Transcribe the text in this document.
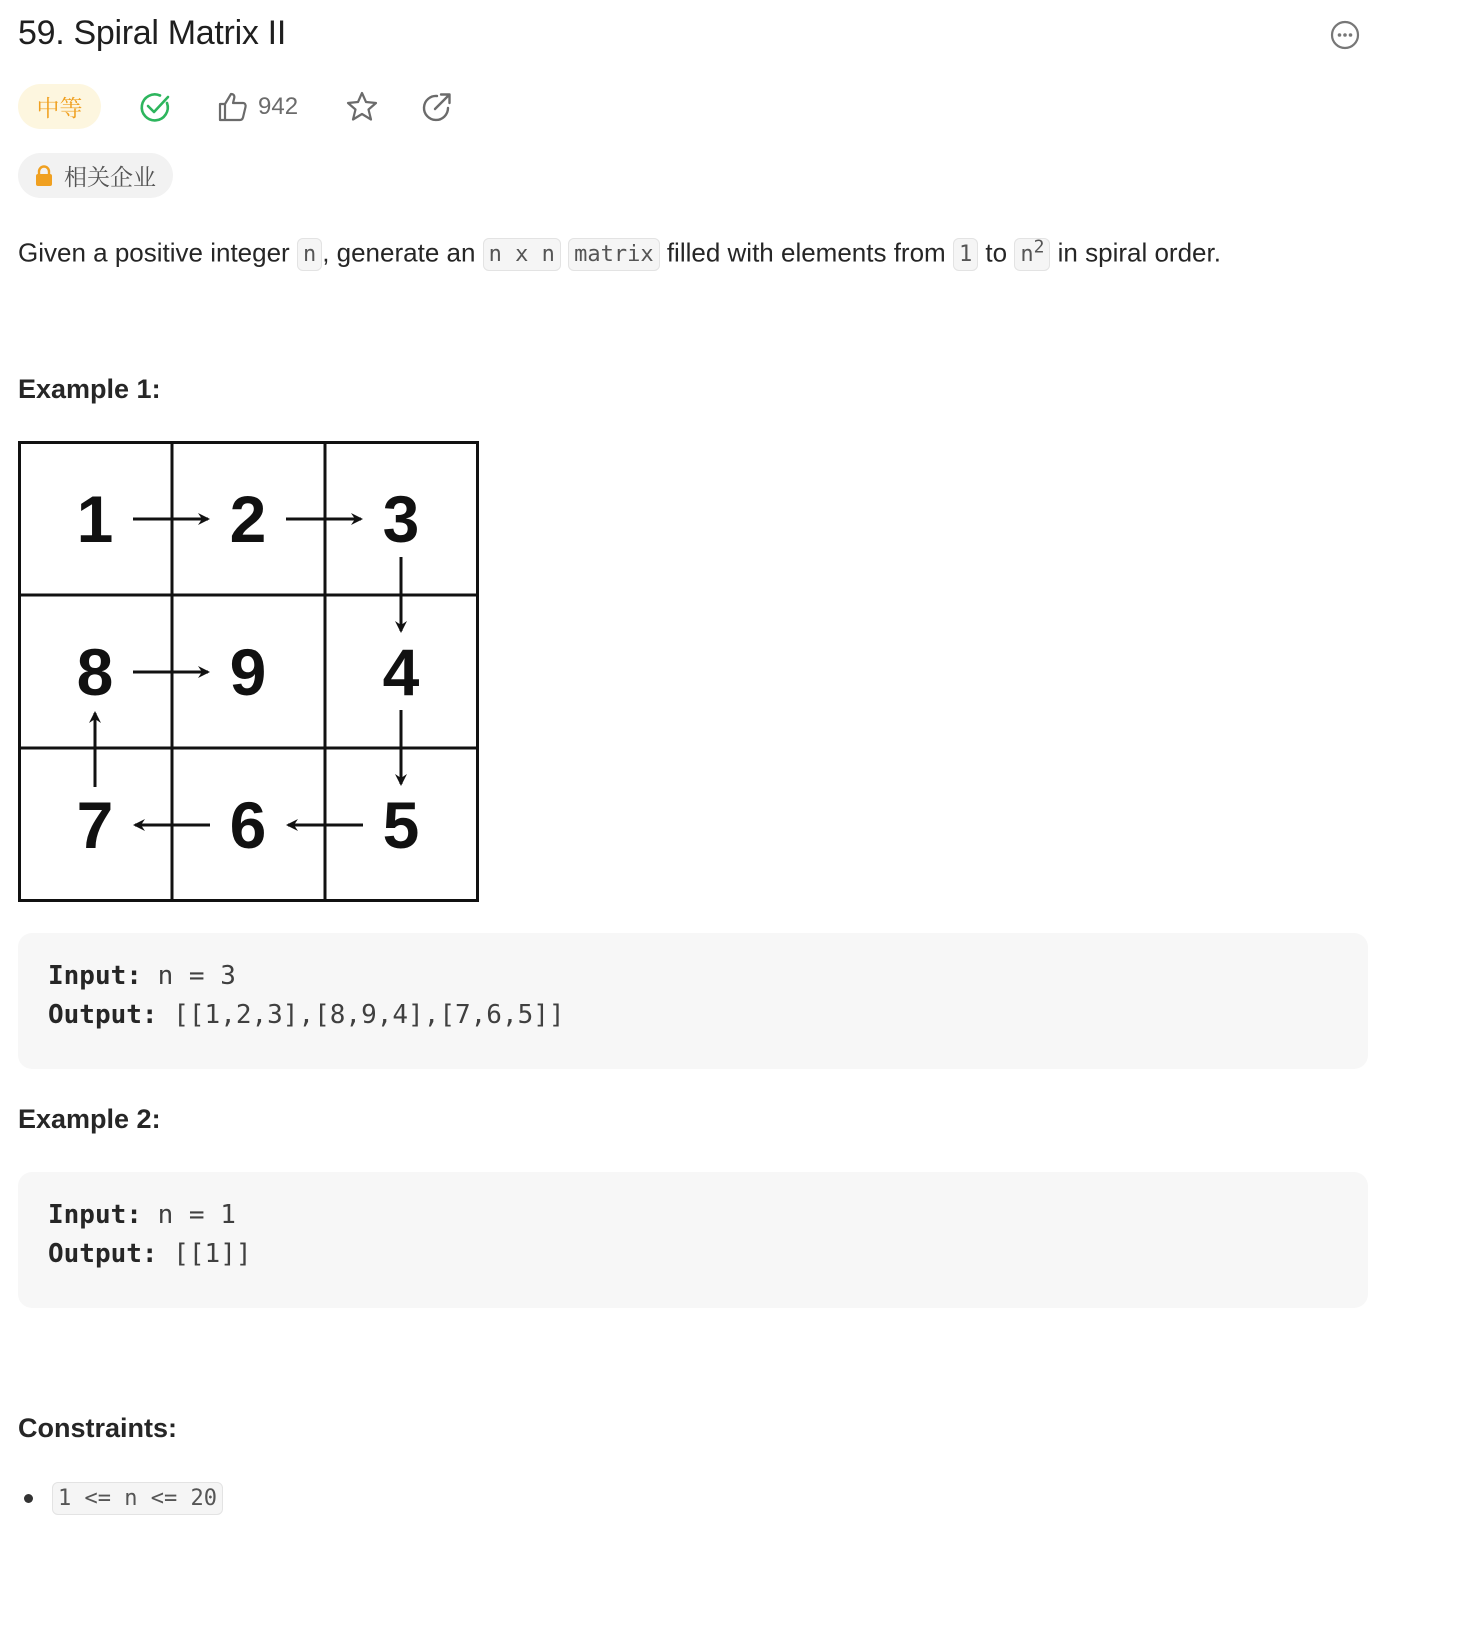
59. Spiral Matrix II
中等	942
相关企业
Given a positive integer n , generate an n x n matrix filled with elements from 1 to $n^2$ in spiral order.
Example 1:
1 2 3
8 9 4
7 6 5
Input: n = 3
Output: [[1,2,3],[8,9,4],[7,6,5]]
Example 2:
Input: n = 1
Output: [[1]]
Constraints:
1 <= n <= 20
